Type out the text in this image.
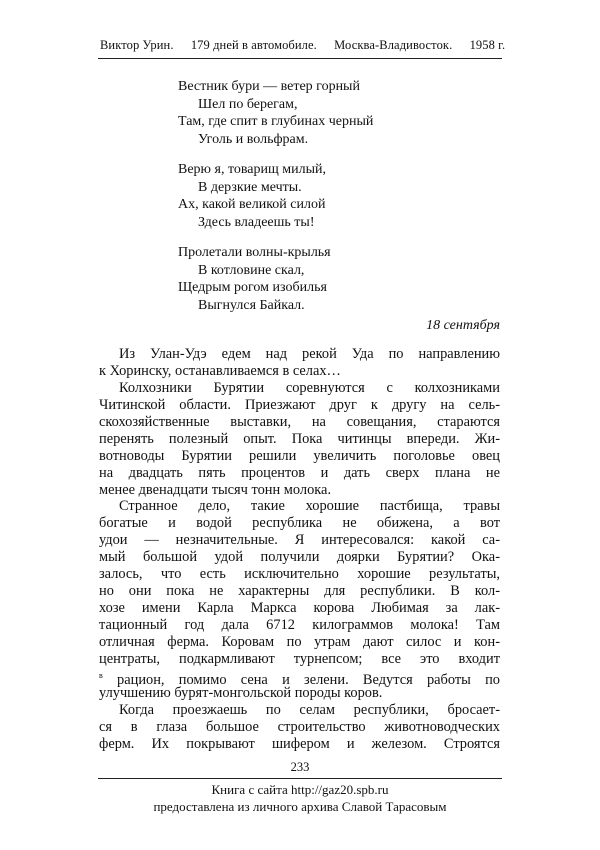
Виктор Урин. 179 дней в автомобиле. Москва-Владивосток. 1958 г.
Вестник бури — ветер горный
Шел по берегам,
Там, где спит в глубинах черный
Уголь и вольфрам.
Верю я, товарищ милый,
В дерзкие мечты.
Ах, какой великой силой
Здесь владеешь ты!
Пролетали волны-крылья
В котловине скал,
Щедрым рогом изобилья
Выгнулся Байкал.
18 сентября
Из Улан-Удэ едем над рекой Уда по направлению
к Хоринску, останавливаемся в селах…
Колхозники Бурятии соревнуются с колхозниками
Читинской области. Приезжают друг к другу на сель-
скохозяйственные выставки, на совещания, стараются
перенять полезный опыт. Пока читинцы впереди. Жи-
вотноводы Бурятии решили увеличить поголовье овец
на двадцать пять процентов и дать сверх плана не
менее двенадцати тысяч тонн молока.
Странное дело, такие хорошие пастбища, травы
богатые и водой республика не обижена, а вот
удои — незначительные. Я интересовался: какой са-
мый большой удой получили доярки Бурятии? Ока-
залось, что есть исключительно хорошие результаты,
но они пока не характерны для республики. В кол-
хозе имени Карла Маркса корова Любимая за лак-
тационный год дала 6712 килограммов молока! Там
отличная ферма. Коровам по утрам дают силос и кон-
центраты, подкармливают турнепсом; все это входит
$^в$ рацион, помимо сена и зелени. Ведутся работы по
улучшению бурят-монгольской породы коров.
Когда проезжаешь по селам республики, бросает-
ся в глаза большое строительство животноводческих
ферм. Их покрывают шифером и железом. Строятся
233
Книга с сайта http://gaz20.spb.ru
предоставлена из личного архива Славой Тарасовым
